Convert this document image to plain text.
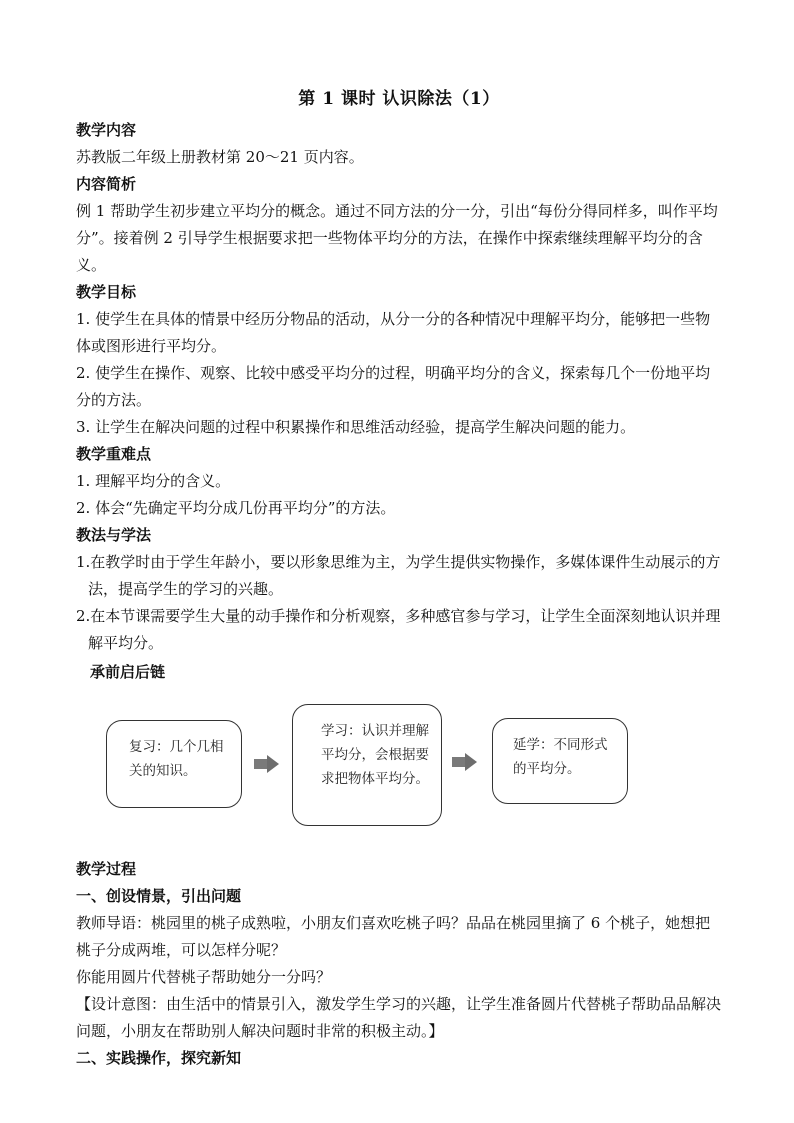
第 1 课时 认识除法（1）
教学内容
苏教版二年级上册教材第 20～21 页内容。
内容简析
例 1 帮助学生初步建立平均分的概念。通过不同方法的分一分，引出“每份分得同样多，叫作平均分”。接着例 2 引导学生根据要求把一些物体平均分的方法，在操作中探索继续理解平均分的含义。
教学目标
1. 使学生在具体的情景中经历分物品的活动，从分一分的各种情况中理解平均分，能够把一些物体或图形进行平均分。
2. 使学生在操作、观察、比较中感受平均分的过程，明确平均分的含义，探索每几个一份地平均分的方法。
3. 让学生在解决问题的过程中积累操作和思维活动经验，提高学生解决问题的能力。
教学重难点
1. 理解平均分的含义。
2. 体会“先确定平均分成几份再平均分”的方法。
教法与学法
1.在教学时由于学生年龄小，要以形象思维为主，为学生提供实物操作，多媒体课件生动展示的方法，提高学生的学习的兴趣。
2.在本节课需要学生大量的动手操作和分析观察，多种感官参与学习，让学生全面深刻地认识并理解平均分。
承前启后链
复习：几个几相关的知识。
学习：认识并理解平均分，会根据要求把物体平均分。
延学：不同形式的平均分。
教学过程
一、创设情景，引出问题
教师导语：桃园里的桃子成熟啦，小朋友们喜欢吃桃子吗？品品在桃园里摘了 6 个桃子，她想把桃子分成两堆，可以怎样分呢？
你能用圆片代替桃子帮助她分一分吗？
【设计意图：由生活中的情景引入，激发学生学习的兴趣，让学生准备圆片代替桃子帮助品品解决问题，小朋友在帮助别人解决问题时非常的积极主动。】
二、实践操作，探究新知
